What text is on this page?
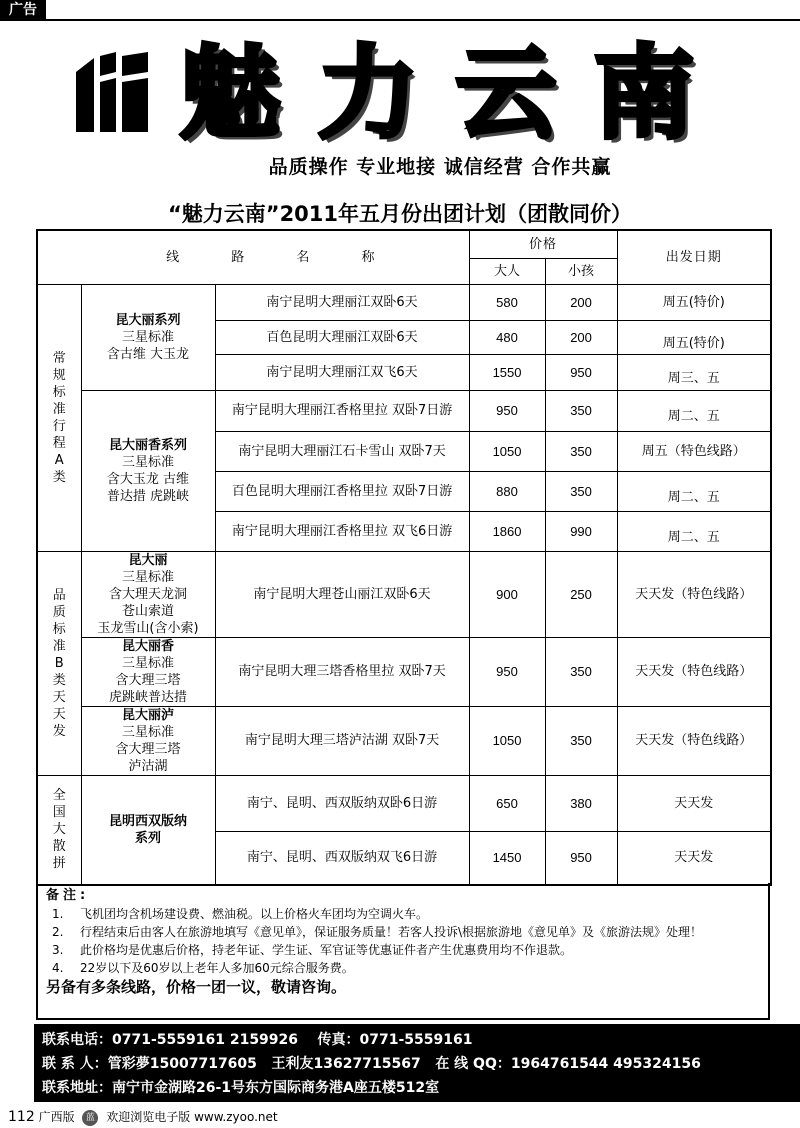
广告
魅力云南
品质操作 专业地接 诚信经营 合作共赢
“魅力云南”2011年五月份出团计划（团散同价）
线 路 名 称			价格		出发日期
			大人	小孩	
常规标准行程A类	昆大丽系列
三星标准
含古维 大玉龙	南宁昆明大理丽江双卧6天	580	200	周五(特价)
		百色昆明大理丽江双卧6天	480	200	周五(特价)
		南宁昆明大理丽江双飞6天	1550	950	周三、五

	昆大丽香系列
三星标准
含大玉龙 古维
普达措 虎跳峡	南宁昆明大理丽江香格里拉 双卧7日游	950	350	周二、五
		南宁昆明大理丽江石卡雪山 双卧7天	1050	350	周五（特色线路）
		百色昆明大理丽江香格里拉 双卧7日游	880	350	周二、五
		南宁昆明大理丽江香格里拉 双飞6日游	1860	990	周二、五
品质标准B类天天发	昆大丽
三星标准
含大理天龙洞
苍山索道
玉龙雪山(含小索)	南宁昆明大理苍山丽江双卧6天	900	250	天天发（特色线路）

	昆大丽香
三星标准
含大理三塔
虎跳峡普达措	南宁昆明大理三塔香格里拉 双卧7天	950	350	天天发（特色线路）

	昆大丽泸
三星标准
含大理三塔
泸沽湖	南宁昆明大理三塔泸沽湖 双卧7天	1050	350	天天发（特色线路）
全国大散拼	昆明西双版纳
系列	南宁、昆明、西双版纳双卧6日游	650	380	天天发
		南宁、昆明、西双版纳双飞6日游	1450	950	天天发
备注:
1.	飞机团均含机场建设费、燃油税。以上价格火车团均为空调火车。
2.	行程结束后由客人在旅游地填写《意见单》，保证服务质量！若客人投诉\根据旅游地《意见单》及《旅游法规》处理！
3.	此价格均是优惠后价格，持老年证、学生证、军官证等优惠证件者产生优惠费用均不作退款。
4.	22岁以下及60岁以上老年人多加60元综合服务费。
另备有多条线路，价格一团一议，敬请咨询。
联系电话：0771-5559161 2159926 传真：0771-5559161
联 系 人：管彩夢15007717605 王利友13627715567 在 线 QQ：1964761544 495324156
联系地址：南宁市金湖路26-1号东方国际商务港A座五楼512室
112 广西版 蓝 欢迎浏览电子版 www.zyoo.net
